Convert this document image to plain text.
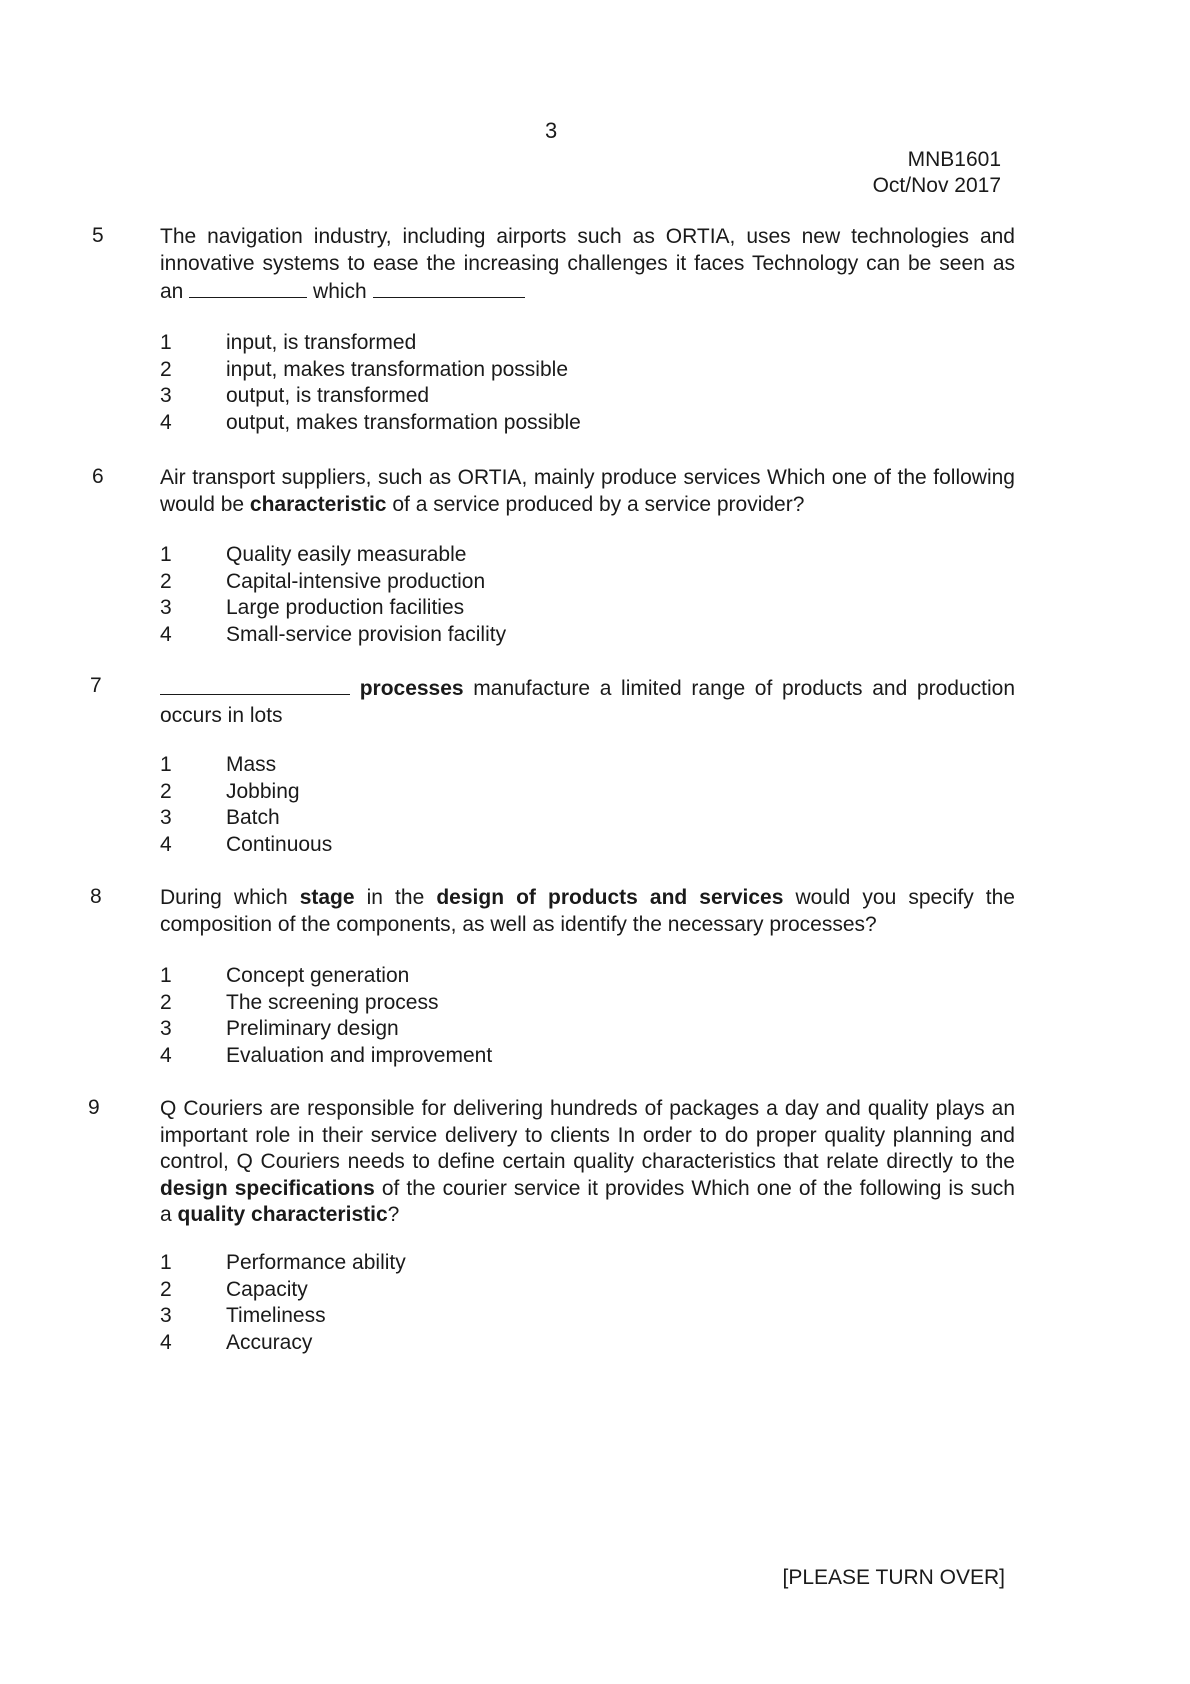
3
MNB1601
Oct/Nov 2017
5	The navigation industry, including airports such as ORTIA, uses new technologies and innovative systems to ease the increasing challenges it faces Technology can be seen as an	which
1	input, is transformed
2	input, makes transformation possible
3	output, is transformed
4	output, makes transformation possible
6	Air transport suppliers, such as ORTIA, mainly produce services Which one of the following would be characteristic of a service produced by a service provider?
1	Quality easily measurable
2	Capital-intensive production
3	Large production facilities
4	Small-service provision facility
7	processes manufacture a limited range of products and production occurs in lots
1	Mass
2	Jobbing
3	Batch
4	Continuous
8	During which stage in the design of products and services would you specify the composition of the components, as well as identify the necessary processes?
1	Concept generation
2	The screening process
3	Preliminary design
4	Evaluation and improvement
9	Q Couriers are responsible for delivering hundreds of packages a day and quality plays an important role in their service delivery to clients In order to do proper quality planning and control, Q Couriers needs to define certain quality characteristics that relate directly to the design specifications of the courier service it provides Which one of the following is such a quality characteristic?
1	Performance ability
2	Capacity
3	Timeliness
4	Accuracy
[PLEASE TURN OVER]
